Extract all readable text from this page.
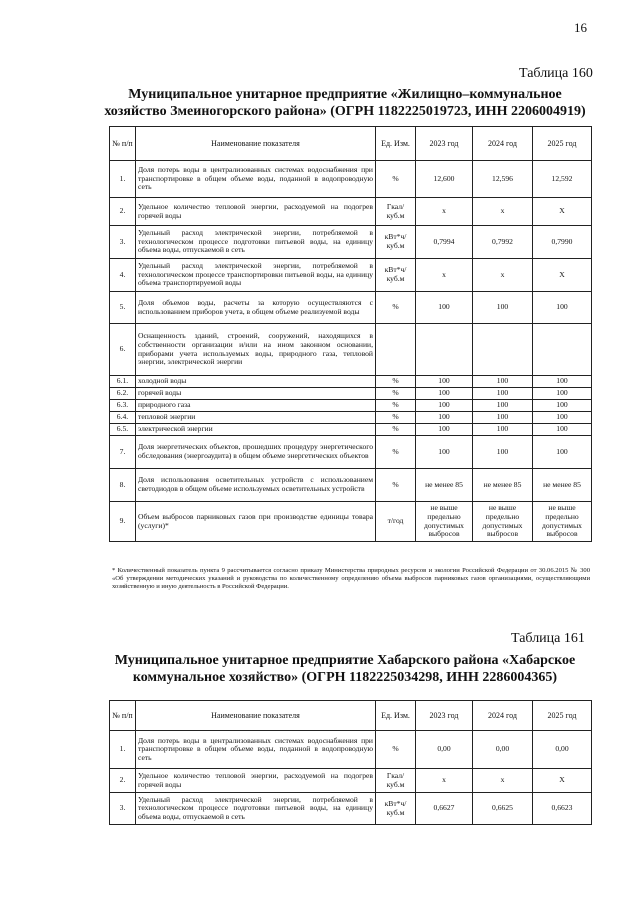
16
Таблица 160
Муниципальное унитарное предприятие «Жилищно–коммунальное хозяйство Змеиногорского района» (ОГРН 1182225019723, ИНН 2206004919)
№ п/п	Наименование показателя	Ед. Изм.	2023 год	2024 год	2025 год
1.	Доля потерь воды в централизованных системах водоснабжения при транспортировке в общем объеме воды, поданной в водопроводную сеть	%	12,600	12,596	12,592
2.	Удельное количество тепловой энергии, расходуемой на подогрев горячей воды	Гкал/ куб.м	х	х	Х
3.	Удельный расход электрической энергии, потребляемой в технологическом процессе подготовки питьевой воды, на единицу объема воды, отпускаемой в сеть	кВт*ч/ куб.м	0,7994	0,7992	0,7990
4.	Удельный расход электрической энергии, потребляемой в технологическом процессе транспортировки питьевой воды, на единицу объема транспортируемой воды	кВт*ч/ куб.м	х	х	Х
5.	Доля объемов воды, расчеты за которую осуществляются с использованием приборов учета, в общем объеме реализуемой воды	%	100	100	100
6.	Оснащенность зданий, строений, сооружений, находящихся в собственности организации и/или на ином законном основании, приборами учета используемых воды, природного газа, тепловой энергии, электрической энергии				
6.1.	холодной воды	%	100	100	100
6.2.	горячей воды	%	100	100	100
6.3.	природного газа	%	100	100	100
6.4.	тепловой энергии	%	100	100	100
6.5.	электрической энергии	%	100	100	100
7.	Доля энергетических объектов, прошедших процедуру энергетического обследования (энергоаудита) в общем объеме энергетических объектов	%	100	100	100
8.	Доля использования осветительных устройств с использованием светодиодов в общем объеме используемых осветительных устройств	%	не менее 85	не менее 85	не менее 85
9.	Объем выбросов парниковых газов при производстве единицы товара (услуги)*	т/год	не выше предельно допустимых выбросов	не выше предельно допустимых выбросов	не выше предельно допустимых выбросов
* Количественный показатель пункта 9 рассчитывается согласно приказу Министерства природных ресурсов и экологии Российской Федерации от 30.06.2015 № 300 «Об утверждении методических указаний и руководства по количественному определению объема выбросов парниковых газов организациями, осуществляющими хозяйственную и иную деятельность в Российской Федерации.
Таблица 161
Муниципальное унитарное предприятие Хабарского района «Хабарское коммунальное хозяйство» (ОГРН 1182225034298, ИНН 2286004365)
№ п/п	Наименование показателя	Ед. Изм.	2023 год	2024 год	2025 год
1.	Доля потерь воды в централизованных системах водоснабжения при транспортировке в общем объеме воды, поданной в водопроводную сеть	%	0,00	0,00	0,00
2.	Удельное количество тепловой энергии, расходуемой на подогрев горячей воды	Гкал/ куб.м	х	х	Х
3.	Удельный расход электрической энергии, потребляемой в технологическом процессе подготовки питьевой воды, на единицу объема воды, отпускаемой в сеть	кВт*ч/ куб.м	0,6627	0,6625	0,6623
